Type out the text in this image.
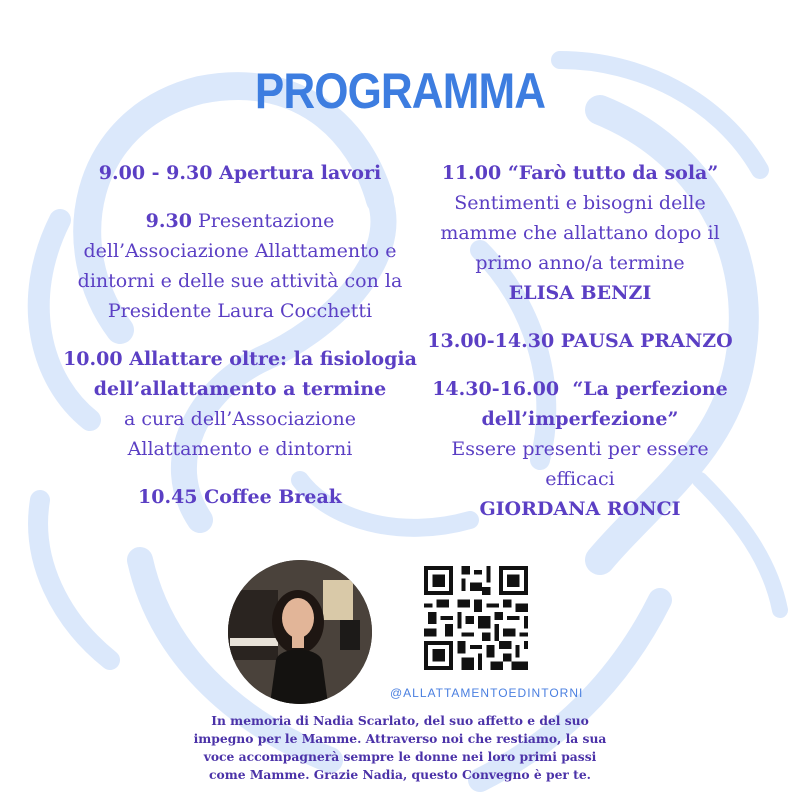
PROGRAMMA
9.00 - 9.30 Apertura lavori
9.30 Presentazione
dell’Associazione Allattamento e
dintorni e delle sue attività con la
Presidente Laura Cocchetti
10.00 Allattare oltre: la fisiologia
dell’allattamento a termine
a cura dell’Associazione
Allattamento e dintorni
10.45 Coffee Break
11.00 “Farò tutto da sola”
Sentimenti e bisogni delle
mamme che allattano dopo il
primo anno/a termine
ELISA BENZI
13.00-14.30 PAUSA PRANZO
14.30-16.00 “La perfezione
dell’imperfezione”
Essere presenti per essere
efficaci
GIORDANA RONCI
@ALLATTAMENTOEDINTORNI
In memoria di Nadia Scarlato, del suo affetto e del suo
impegno per le Mamme. Attraverso noi che restiamo, la sua
voce accompagnerà sempre le donne nei loro primi passi
come Mamme. Grazie Nadia, questo Convegno è per te.
